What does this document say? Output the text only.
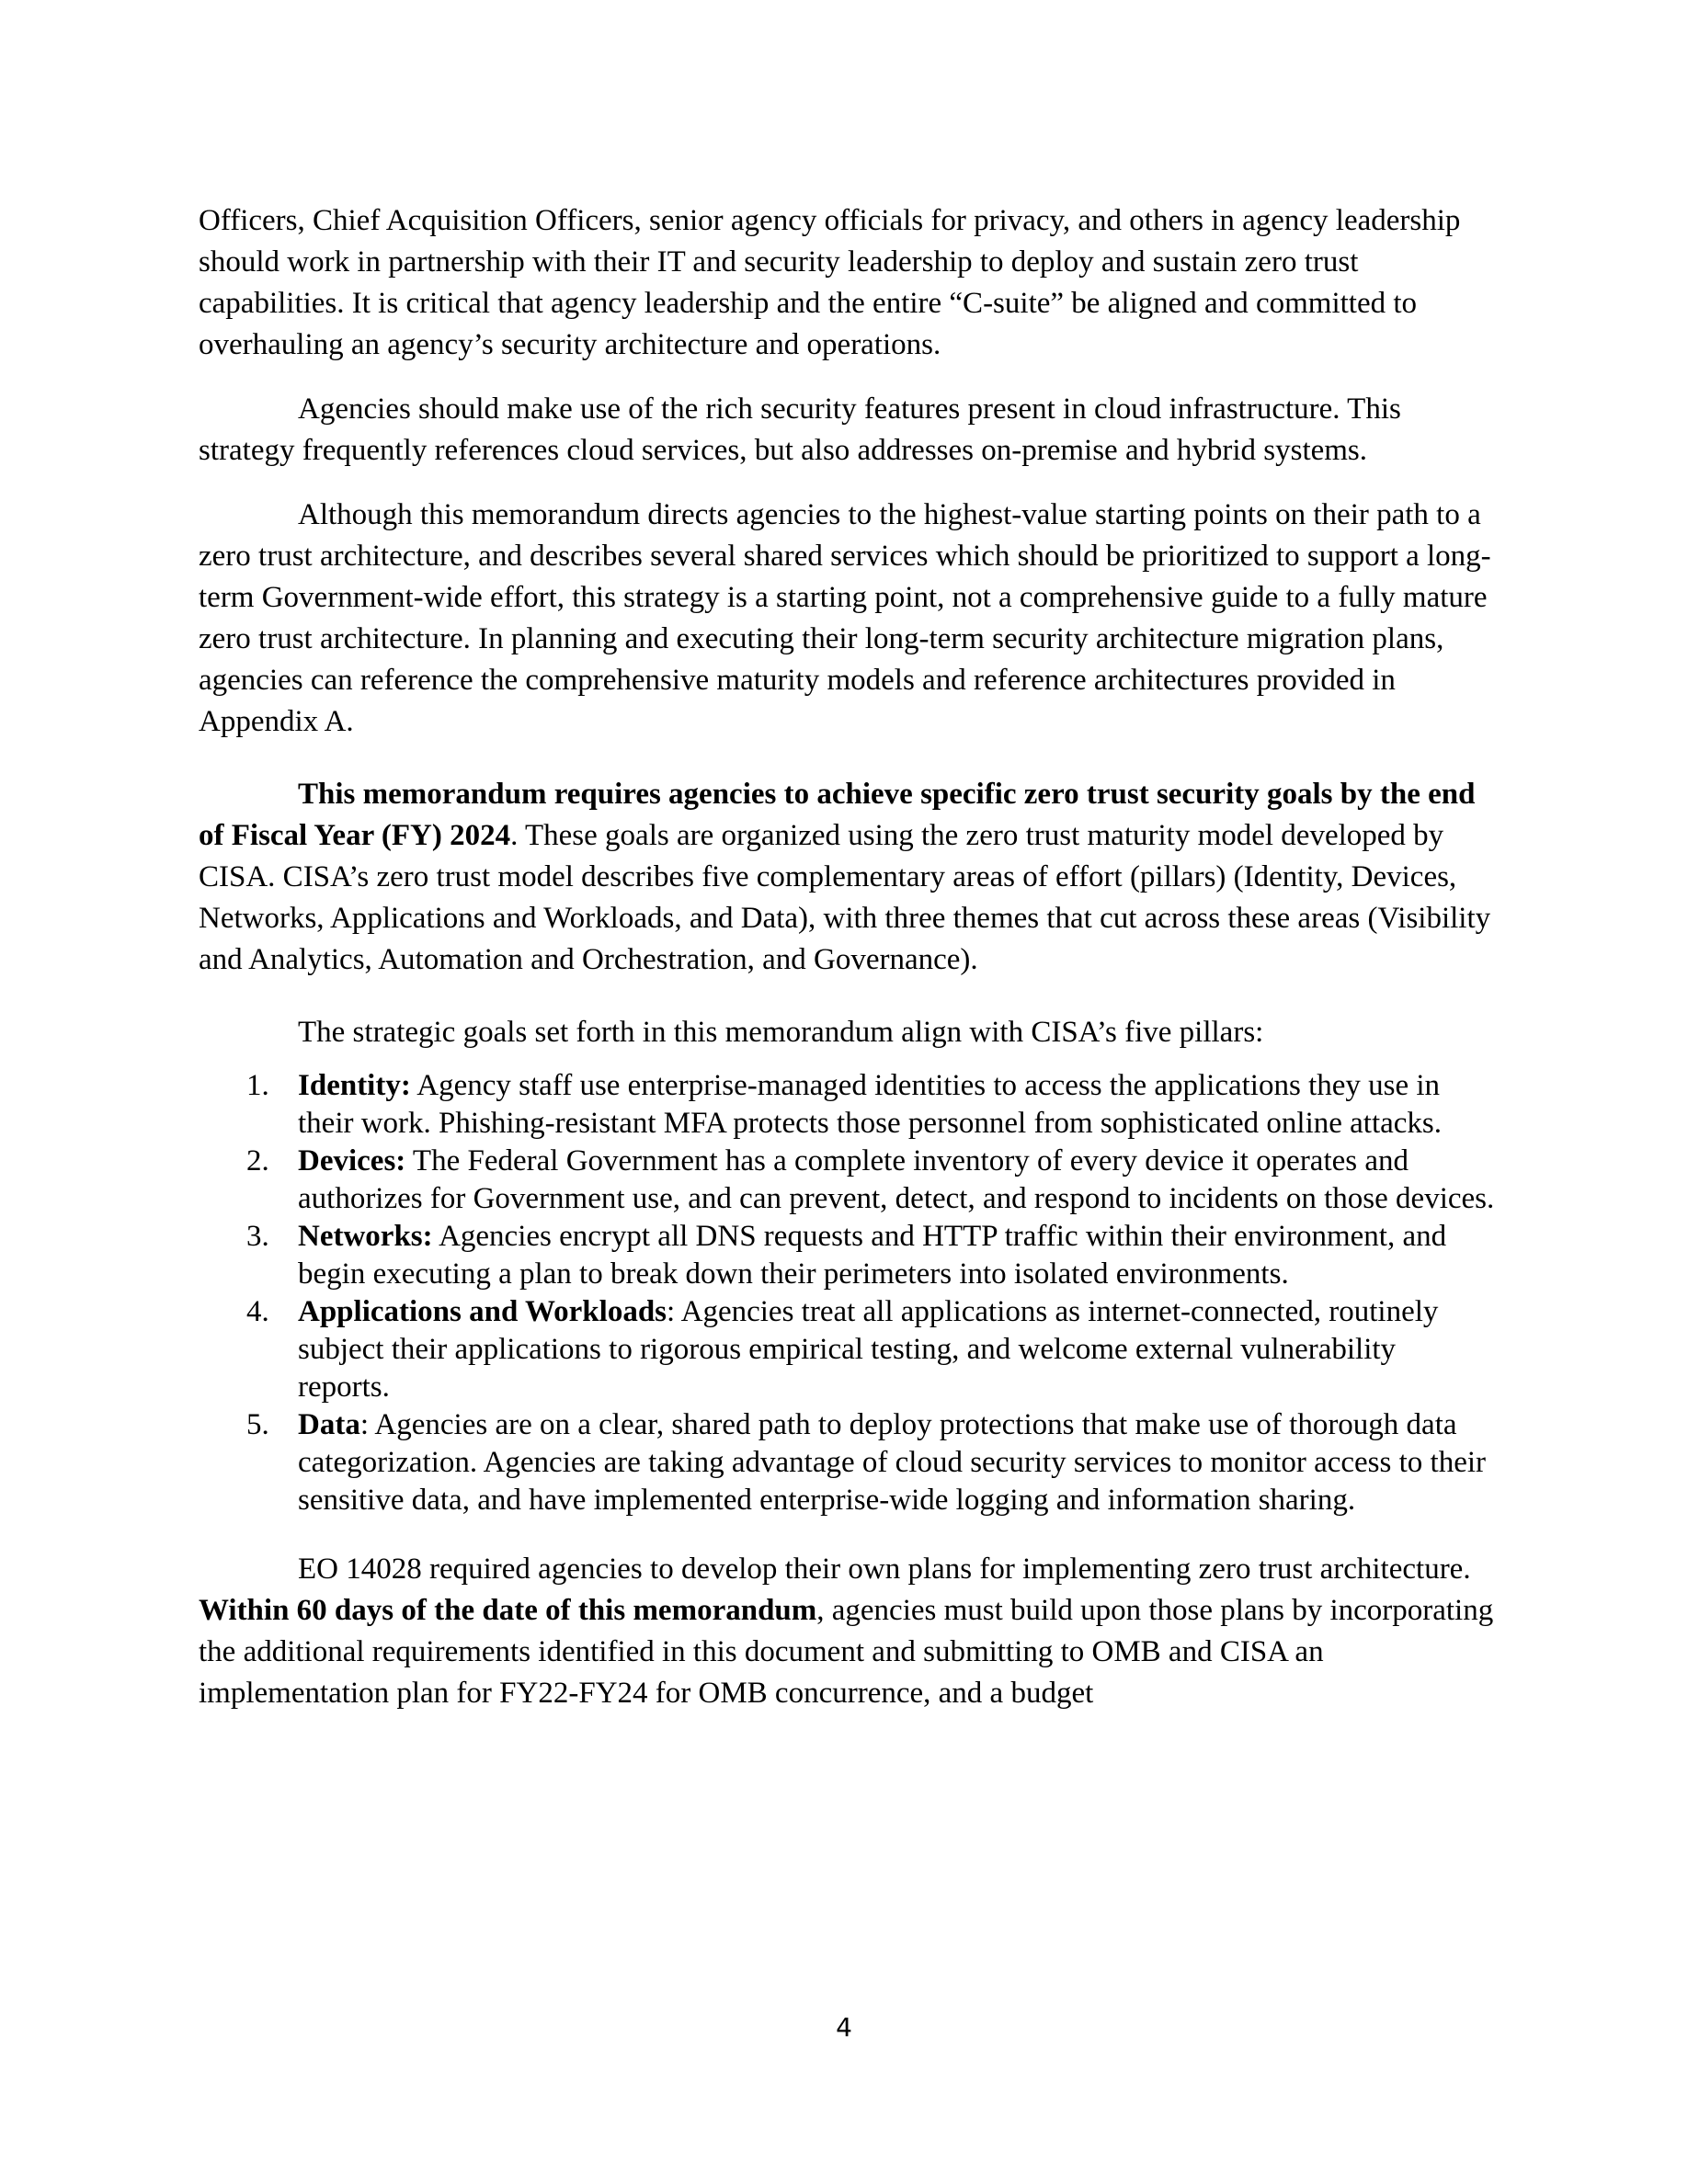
Officers, Chief Acquisition Officers, senior agency officials for privacy, and others in agency leadership should work in partnership with their IT and security leadership to deploy and sustain zero trust capabilities. It is critical that agency leadership and the entire “C-suite” be aligned and committed to overhauling an agency’s security architecture and operations.

Agencies should make use of the rich security features present in cloud infrastructure. This strategy frequently references cloud services, but also addresses on-premise and hybrid systems.

Although this memorandum directs agencies to the highest-value starting points on their path to a zero trust architecture, and describes several shared services which should be prioritized to support a long-term Government-wide effort, this strategy is a starting point, not a comprehensive guide to a fully mature zero trust architecture. In planning and executing their long-term security architecture migration plans, agencies can reference the comprehensive maturity models and reference architectures provided in Appendix A.

This memorandum requires agencies to achieve specific zero trust security goals by the end of Fiscal Year (FY) 2024. These goals are organized using the zero trust maturity model developed by CISA. CISA’s zero trust model describes five complementary areas of effort (pillars) (Identity, Devices, Networks, Applications and Workloads, and Data), with three themes that cut across these areas (Visibility and Analytics, Automation and Orchestration, and Governance).

The strategic goals set forth in this memorandum align with CISA’s five pillars:

1. Identity: Agency staff use enterprise-managed identities to access the applications they use in their work. Phishing-resistant MFA protects those personnel from sophisticated online attacks.
2. Devices: The Federal Government has a complete inventory of every device it operates and authorizes for Government use, and can prevent, detect, and respond to incidents on those devices.
3. Networks: Agencies encrypt all DNS requests and HTTP traffic within their environment, and begin executing a plan to break down their perimeters into isolated environments.
4. Applications and Workloads: Agencies treat all applications as internet-connected, routinely subject their applications to rigorous empirical testing, and welcome external vulnerability reports.
5. Data: Agencies are on a clear, shared path to deploy protections that make use of thorough data categorization. Agencies are taking advantage of cloud security services to monitor access to their sensitive data, and have implemented enterprise-wide logging and information sharing.

EO 14028 required agencies to develop their own plans for implementing zero trust architecture. Within 60 days of the date of this memorandum, agencies must build upon those plans by incorporating the additional requirements identified in this document and submitting to OMB and CISA an implementation plan for FY22-FY24 for OMB concurrence, and a budget

4
